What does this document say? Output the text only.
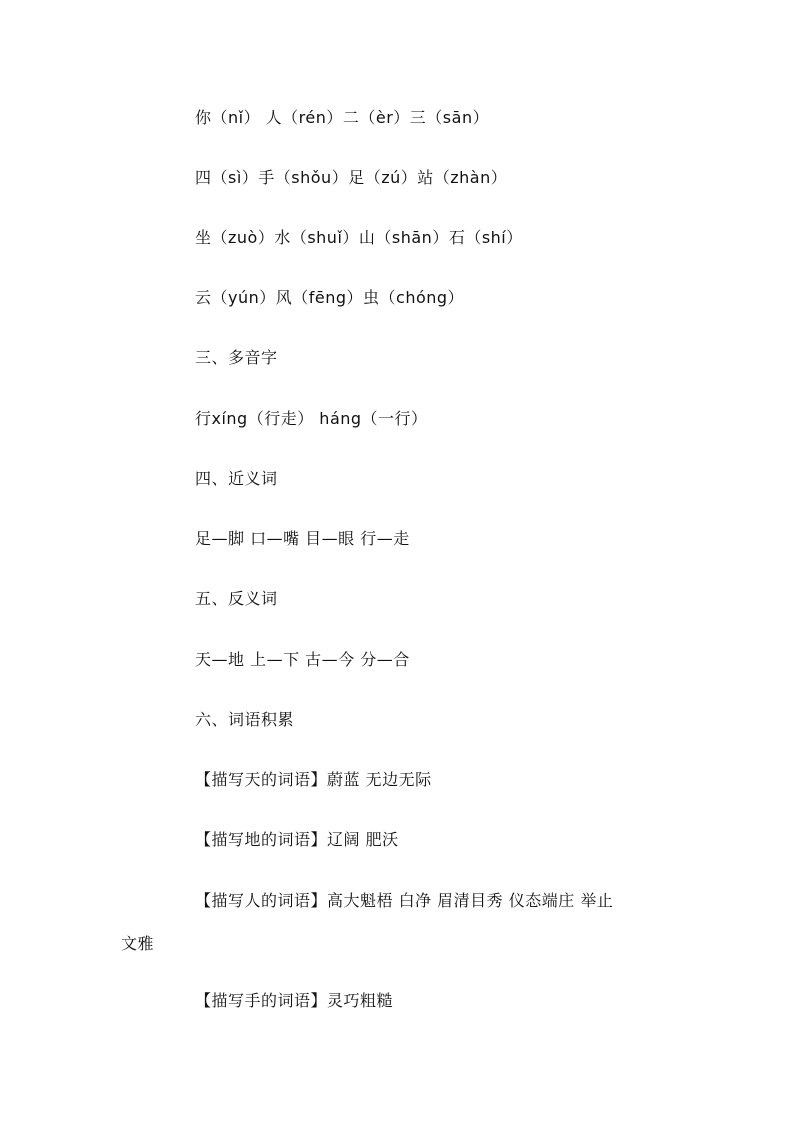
你（nǐ） 人（rén）二（èr）三（sān）
四（sì）手（shǒu）足（zú）站（zhàn）
坐（zuò）水（shuǐ）山（shān）石（shí）
云（yún）风（fēng）虫（chóng）
三、多音字
行xíng（行走） háng（一行）
四、近义词
足—脚 口—嘴 目—眼 行—走
五、反义词
天—地 上—下 古—今 分—合
六、词语积累
【描写天的词语】蔚蓝 无边无际
【描写地的词语】辽阔 肥沃
【描写人的词语】高大魁梧 白净 眉清目秀 仪态端庄 举止
文雅
【描写手的词语】灵巧粗糙
